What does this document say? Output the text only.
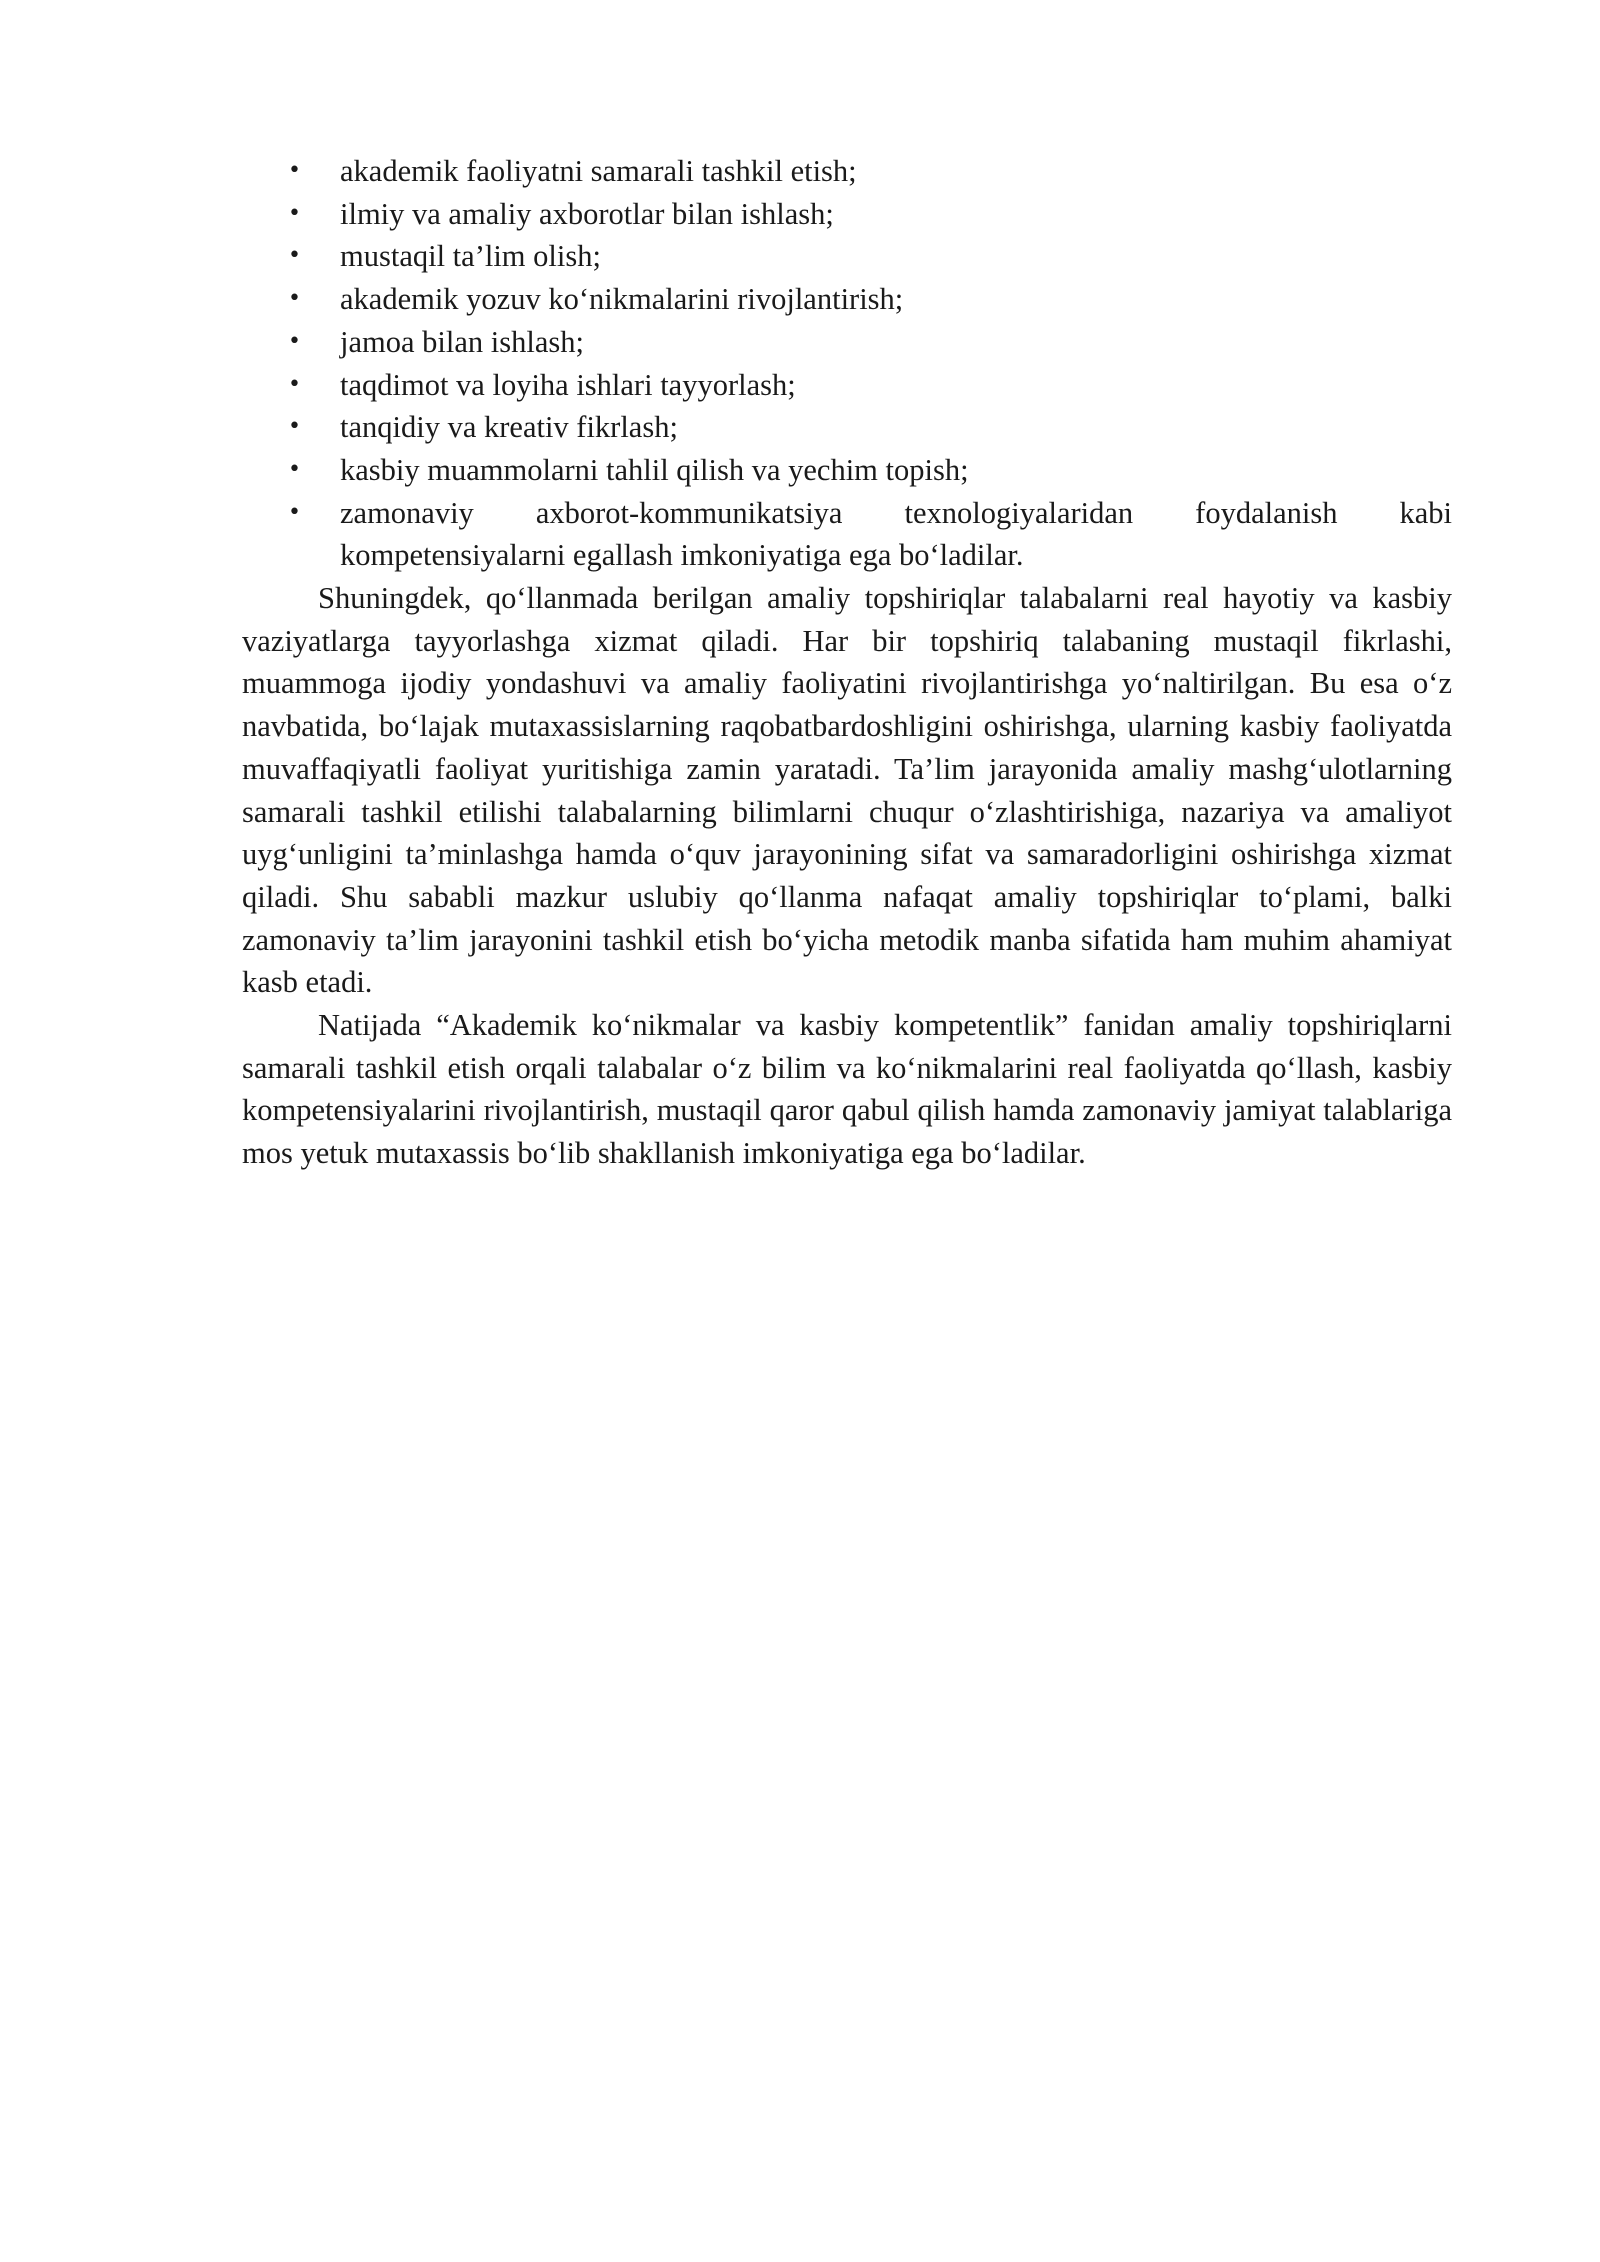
• akademik faoliyatni samarali tashkil etish;
• ilmiy va amaliy axborotlar bilan ishlash;
• mustaqil ta’lim olish;
• akademik yozuv ko‘nikmalarini rivojlantirish;
• jamoa bilan ishlash;
• taqdimot va loyiha ishlari tayyorlash;
• tanqidiy va kreativ fikrlash;
• kasbiy muammolarni tahlil qilish va yechim topish;
• zamonaviy axborot-kommunikatsiya texnologiyalaridan foydalanish kabi kompetensiyalarni egallash imkoniyatiga ega bo‘ladilar.

Shuningdek, qo‘llanmada berilgan amaliy topshiriqlar talabalarni real hayotiy va kasbiy vaziyatlarga tayyorlashga xizmat qiladi. Har bir topshiriq talabaning mustaqil fikrlashi, muammoga ijodiy yondashuvi va amaliy faoliyatini rivojlantirishga yo‘naltirilgan. Bu esa o‘z navbatida, bo‘lajak mutaxassislarning raqobatbardoshligini oshirishga, ularning kasbiy faoliyatda muvaffaqiyatli faoliyat yuritishiga zamin yaratadi. Ta’lim jarayonida amaliy mashg‘ulotlarning samarali tashkil etilishi talabalarning bilimlarni chuqur o‘zlashtirishiga, nazariya va amaliyot uyg‘unligini ta’minlashga hamda o‘quv jarayonining sifat va samaradorligini oshirishga xizmat qiladi. Shu sababli mazkur uslubiy qo‘llanma nafaqat amaliy topshiriqlar to‘plami, balki zamonaviy ta’lim jarayonini tashkil etish bo‘yicha metodik manba sifatida ham muhim ahamiyat kasb etadi.

Natijada “Akademik ko‘nikmalar va kasbiy kompetentlik” fanidan amaliy topshiriqlarni samarali tashkil etish orqali talabalar o‘z bilim va ko‘nikmalarini real faoliyatda qo‘llash, kasbiy kompetensiyalarini rivojlantirish, mustaqil qaror qabul qilish hamda zamonaviy jamiyat talablariga mos yetuk mutaxassis bo‘lib shakllanish imkoniyatiga ega bo‘ladilar.
